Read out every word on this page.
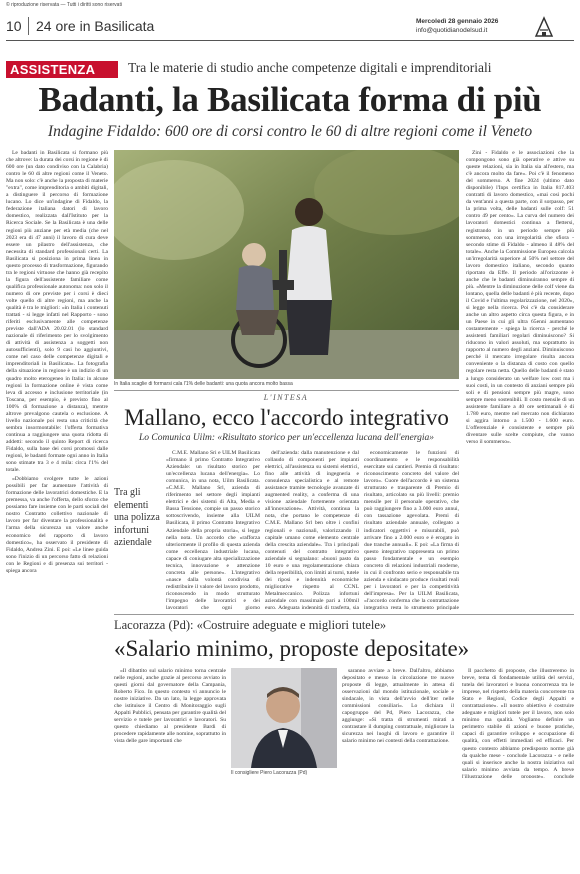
© riproduzione riservata — Tutti i diritti sono riservati
10 24 ore in Basilicata	Mercoledì 28 gennaio 2026
info@quotidianodelsud.it
ASSISTENZA Tra le materie di studio anche competenze digitali e imprenditoriali
Badanti, la Basilicata forma di più
Indagine Fidaldo: 600 ore di corsi contro le 60 di altre regioni come il Veneto

Le badanti in Basilicata si formano più che altrove: la durata dei corsi in regione è di 600 ore (un dato condiviso con la Calabria) contro le 60 di altre regioni come il Veneto. Ma non solo: c'è anche la proposta di materie "extra", come imprenditoria o ambiti digitali, a distinguere il percorso di formazione lucano. Lo dice un'indagine di Fidaldo, la federazione italiana datori di lavoro domestico, realizzata dall'Istituto per la Ricerca Sociale. Se la Basilicata è una delle regioni più anziane per età media (che nel 2023 era di 47 anni) il lavoro di cura deve essere un pilastro dell'assistenza, che necessita di standard professionali certi. La Basilicata si posiziona in prima linea in questo processo di trasformazione, figurando tra le regioni virtuose che hanno già recepito la figura dell'assistente familiare come qualifica professionale autonoma: non solo il numero di ore previste per i corsi è dieci volte quello di altre regioni, ma anche la qualità è tra le migliori: «in Italia i contenuti trattati - si legge infatti nel Rapporto - sono riferiti esclusivamente alle competenze previste dall'ADA 20.02.01 (lo standard nazionale di riferimento per lo svolgimento di attività di assistenza a soggetti non autosufficienti), solo 9 casi ho aggiuntivi, come nel caso delle competenze digitali e imprenditoriali in Basilicata». La fotografia della situazione in regione è un indizio di un quadro molto eterogeneo in Italia: in alcune regioni la formazione online è vista come leva di accesso e inclusione territoriale (in Toscana, per esempio, è previsto fino al 100% di formazione a distanza), mentre altrove prevalgono cautela o esclusione. A livello nazionale poi resta una criticità che sembra insormontabile: l'offerta formativa continua a raggiungere una quota ridotta di addetti: secondo il quinto Report di ricerca Fidaldo, sulla base dei corsi promossi dalle regioni, le badanti formate ogni anno in Italia sono stimate tra 3 e 4 mila: circa l'1% del totale.

«Dobbiamo svolgere tutte le azioni possibili per far aumentare l'attività di formazione delle lavoratrici domestiche. E la premessa, va anche l'offerta, dello sforzo che possiamo fare insieme con le parti sociali del nostro Contratto collettivo nazionale di lavoro per far diventare la professionalità e l'arma della sicurezza un valore anche economico del rapporto di lavoro domestico», ha osservato il presidente di Fidaldo, Andrea Zini. E poi: «Le linee guida sono l'inizio di un percorso fatto di relazioni con le Regioni e di presenza sui territori - spiega ancora

In Italia scaglie di formarsi cala l'1% delle badanti: una quota ancora molto bassa

Zini - Fidaldo e le associazioni che la compongono sono già operative e attive su queste relazioni, sia in Italia sia all'estero, ma c'è ancora molto da fare». Poi c'è il fenomeno del sommerso. A fine 2024 (ultimo dato disponibile) l'Inps certifica in Italia 817.403 contratti di lavoro domestico, «mai così pochi da vent'anni a questa parte, con il sorpasso, per la prima volta, delle badanti sulle colf: 51 contro 49 per cento». La curva del numero dei lavoratori domestici continua a flettersi, registrando in un periodo sempre più sommerso, con una irregolarità che sfiora - secondo stime di Fidaldo - almeno il 48% del totale». Anche la Commissione Europea calcola un'irregolarità superiore al 50% nel settore del lavoro domestico italiano, secondo quanto riportato da Effe. Il periodo all'orizzonte è anche che le badanti diminuiranno sempre di più. «Mentre la diminuzione delle colf viene da lontano, quella delle badanti è più recente, dopo il Covid e l'ultima regolarizzazione, nel 2020», si legge nella ricerca. Poi c'è da considerare anche un altro aspetto circa questa figura, e in un Paese in cui gli ultra 65enni aumentano costantemente - spiega la ricerca - perché le assistenti familiari regolari diminuiscono? Si riducono in valori assoluti, ma soprattutto in rapporto al numero degli anziani. Diminuiscono perché il mercato irregolare risulta ancora conveniente o la distanza di costo con quello regolare resta netta. Quello delle badanti è stato a lungo considerato un welfare low cost ma i suoi costi, in un contesto di anziani sempre più soli e di pensioni sempre più magre, sono sempre meno sostenibili. Il costo mensile di un assistente familiare a 40 ore settimanali è di 1.780 euro, mentre nel mercato non dichiarato si aggira intorno a 1.500 - 1.600 euro. L'offerenziale è consistente e sempre più diventare sulle scelte compiute, che vanno verso il sommerso».

L'INTESA
Mallano, ecco l'accordo integrativo
Lo Comunica Uilm: «Risultato storico per un'eccellenza lucana dell'energia»
Tra gli elementi una polizza infortuni aziendale

C.M.E. Mallano Sri e UILM Basilicata «firmano il primo Contratto Integrativo Aziendale: un risultato storico per un'eccellenza lucana dell'energia». Lo comunica, in una nota, Uilm Basilicata. «C.M.E. Mallano Srl, azienda di riferimento nel settore degli impianti elettrici e dei sistemi di Alta, Media e Bassa Tensione, compie un passo storico sottoscrivendo, insieme alla UILM Basilicata, il primo Contratto Integrativo Aziendale della propria storia», si legge nella nota. Un accordo che «rafforza ulteriormente il profilo di questa azienda come eccellenza industriale lucana, capace di coniugare alta specializzazione tecnica, innovazione e attenzione concreta alle persone». L'integrativo «nasce dalla volontà condivisa di redistribuire il valore del lavoro prodotto, riconoscendo in modo strutturato l'impegno delle lavoratrici e dei lavoratori che ogni giorno

dell'azienda: dalla manutenzione e dal collaudo di componenti per impianti elettrici, all'assistenza su sistemi elettrici, fino alle attività di ingegneria e consulenza specialistica e al remote assistance tramite tecnologie avanzate di augmented reality, a conferma di una visione aziendale fortemente orientata all'innovazione». Attività, continua la nota, che portano le competenze di C.M.E. Mallano Srl ben oltre i confini regionali e nazionali, valorizzando il capitale umano come elemento centrale della crescita aziendale». Tra i principali contenuti del contratto integrativo aziendale si segnalano: «buoni pasto da 10 euro e una regolamentazione chiara della reperibilità, con limiti ai turni, tutele dei riposi e indennità economiche migliorative rispetto al CCNL Metalmeccanico. Polizza infortuni aziendale con massimale pari a 100mil euro. Adeguata indennità di trasferta, sia

economicamente le funzioni di coordinamento e le responsabilità esercitate sui cantieri. Premio di risultato: riconoscimento concreto del valore del lavoro». Cuore dell'accordo è un sistema strutturato e trasparente di Premio di risultato, articolato su più livelli: premio mensile per il personale operativo, che può raggiungere fino a 3.000 euro annui, con tassazione agevolata. Premi di risultato aziendale annuale, collegato a indicatori oggettivi e misurabili, può arrivare fino a 2.000 euro e è erogato in due tranche annuali». E poi: «La firma di questo integrativo rappresenta un primo passo fondamentale e un esempio concreto di relazioni industriali moderne, in cui il confronto serio e responsabile tra azienda e sindacato produce risultati reali per i lavoratori e per la competitività dell'impresa». Per la UILM Basilicata, «l'accordo conferma che la contrattazione integrativa resta lo strumento principale

Lacorazza (Pd): «Costruire adeguate e migliori tutele»
«Salario minimo, proposte depositate»

«Il dibattito sul salario minimo torna centrale nelle regioni, anche grazie al percorso avviato in questi giorni dal governatore della Campania, Roberto Fico. In questo contesto vi annuncio le nostre iniziative. Da un lato, la legge approvata che istituisce il Centro di Monitoraggio sugli Appalti Pubblici, pensata per garantire qualità del servizio e tutele per lavoratrici e lavoratori. Su questo chiediamo al presidente Bardi di procedere rapidamente alle nomine, soprattutto in vista delle gare importanti che

Il consigliere Piero Lacorazza (Pd)

saranno avviate a breve. Dall'altro, abbiamo depositato e messo in circolazione tre nuove proposte di legge, attualmente in attesa di osservazioni dal mondo istituzionale, sociale e sindacale, in vista dell'avvio dell'iter nelle commissioni consiliari». Lo dichiara il capogruppo del Pd, Piero Lacorazza, che aggiunge: «Si tratta di strumenti mirati a contrastare il dumping contrattuale, migliorare la sicurezza nei luoghi di lavoro e garantire il salario minimo nei contesti della contrattazione.

Il pacchetto di proposte, che illustreremo in breve, tema di fondamentale utilità del servizi, tutela dei lavoratori e buona concorrenza tra le imprese, nel rispetto della materia concorrente tra Stato e Regioni, Codice degli Appalti e contrattazione». «Il nostro obiettivo è costruire adeguate e migliori tutele per il lavoro, non solo minimo ma qualità. Vogliamo definire un perimetro stabile di azioni e buone pratiche, capaci di garantire sviluppo e occupazione di qualità, con effetti immediati ed efficaci. Per questo contesto abbiamo predisposto norme già da qualche mese - conclude Lacorazza - e nelle quali si inserisce anche la nostra iniziativa sul salario minimo avviata da tempo. A breve l'illustrazione delle proposte», conclude
